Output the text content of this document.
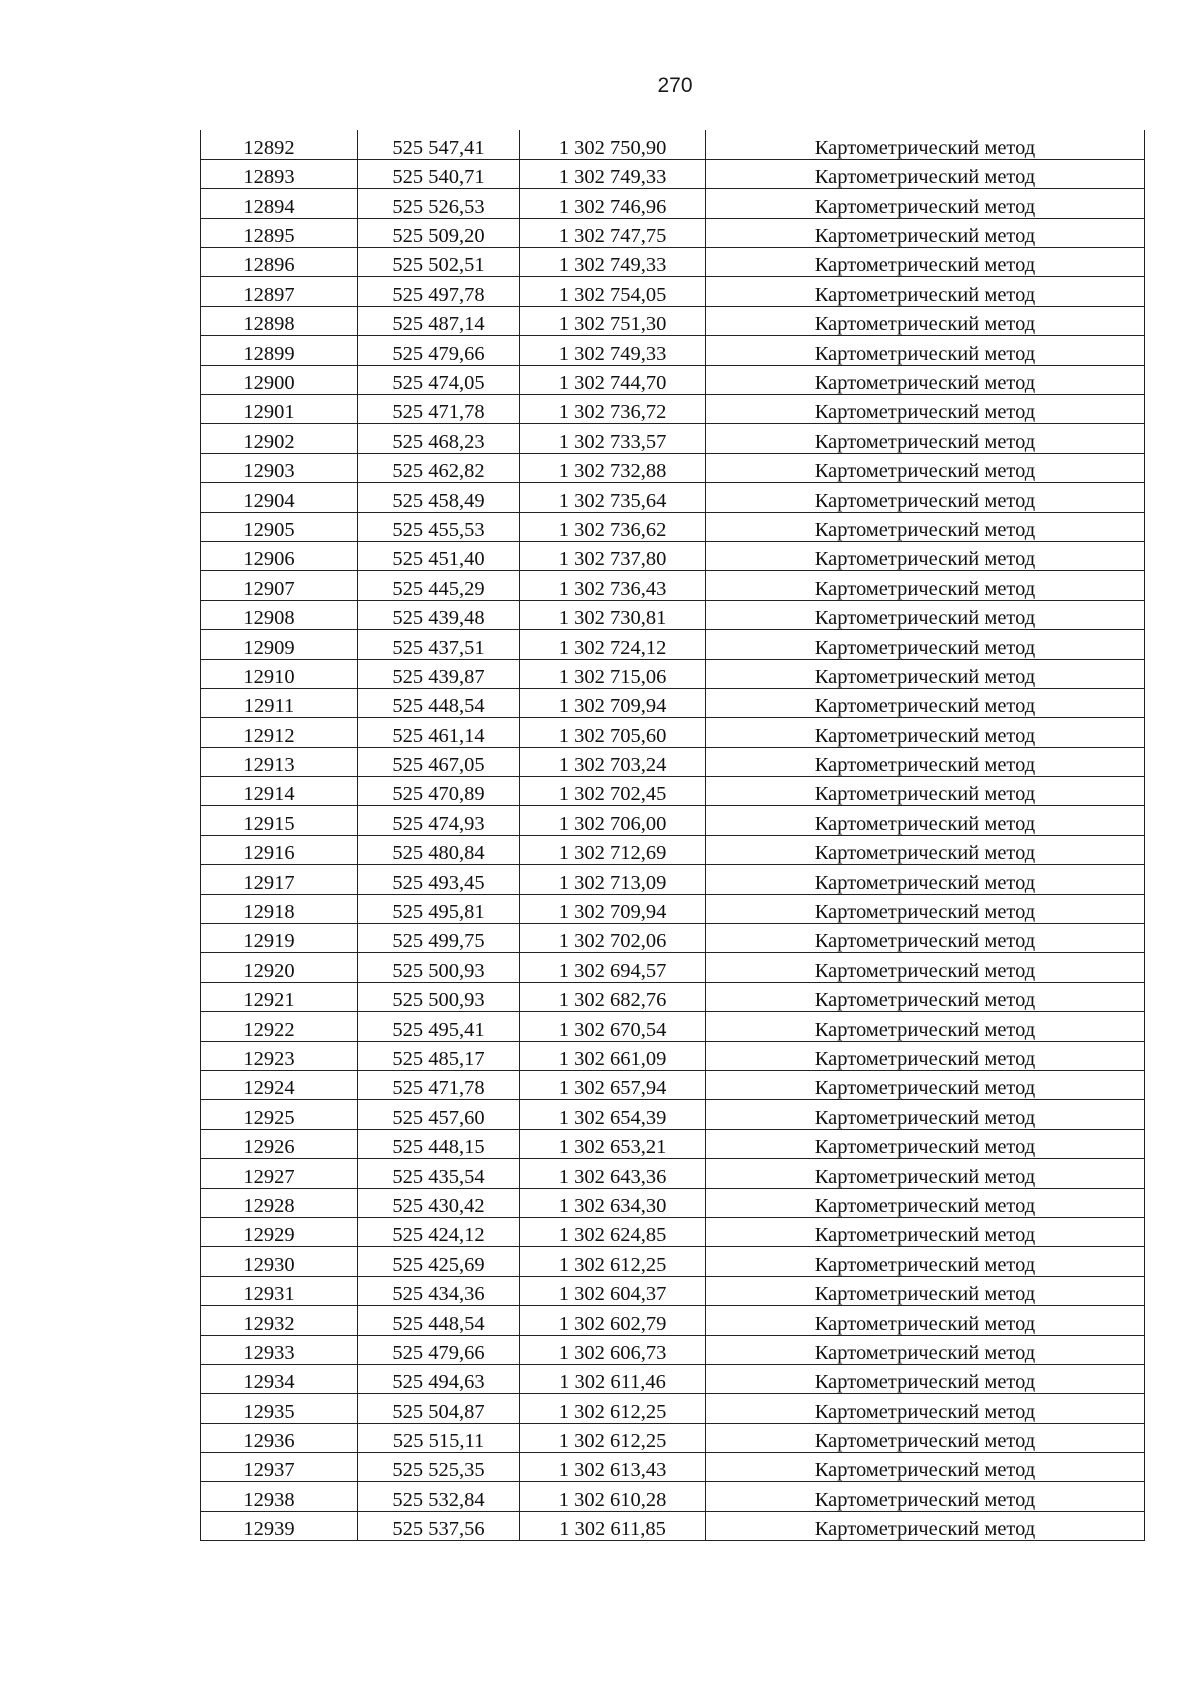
270
12892	525 547,41	1 302 750,90	Картометрический метод
12893	525 540,71	1 302 749,33	Картометрический метод
12894	525 526,53	1 302 746,96	Картометрический метод
12895	525 509,20	1 302 747,75	Картометрический метод
12896	525 502,51	1 302 749,33	Картометрический метод
12897	525 497,78	1 302 754,05	Картометрический метод
12898	525 487,14	1 302 751,30	Картометрический метод
12899	525 479,66	1 302 749,33	Картометрический метод
12900	525 474,05	1 302 744,70	Картометрический метод
12901	525 471,78	1 302 736,72	Картометрический метод
12902	525 468,23	1 302 733,57	Картометрический метод
12903	525 462,82	1 302 732,88	Картометрический метод
12904	525 458,49	1 302 735,64	Картометрический метод
12905	525 455,53	1 302 736,62	Картометрический метод
12906	525 451,40	1 302 737,80	Картометрический метод
12907	525 445,29	1 302 736,43	Картометрический метод
12908	525 439,48	1 302 730,81	Картометрический метод
12909	525 437,51	1 302 724,12	Картометрический метод
12910	525 439,87	1 302 715,06	Картометрический метод
12911	525 448,54	1 302 709,94	Картометрический метод
12912	525 461,14	1 302 705,60	Картометрический метод
12913	525 467,05	1 302 703,24	Картометрический метод
12914	525 470,89	1 302 702,45	Картометрический метод
12915	525 474,93	1 302 706,00	Картометрический метод
12916	525 480,84	1 302 712,69	Картометрический метод
12917	525 493,45	1 302 713,09	Картометрический метод
12918	525 495,81	1 302 709,94	Картометрический метод
12919	525 499,75	1 302 702,06	Картометрический метод
12920	525 500,93	1 302 694,57	Картометрический метод
12921	525 500,93	1 302 682,76	Картометрический метод
12922	525 495,41	1 302 670,54	Картометрический метод
12923	525 485,17	1 302 661,09	Картометрический метод
12924	525 471,78	1 302 657,94	Картометрический метод
12925	525 457,60	1 302 654,39	Картометрический метод
12926	525 448,15	1 302 653,21	Картометрический метод
12927	525 435,54	1 302 643,36	Картометрический метод
12928	525 430,42	1 302 634,30	Картометрический метод
12929	525 424,12	1 302 624,85	Картометрический метод
12930	525 425,69	1 302 612,25	Картометрический метод
12931	525 434,36	1 302 604,37	Картометрический метод
12932	525 448,54	1 302 602,79	Картометрический метод
12933	525 479,66	1 302 606,73	Картометрический метод
12934	525 494,63	1 302 611,46	Картометрический метод
12935	525 504,87	1 302 612,25	Картометрический метод
12936	525 515,11	1 302 612,25	Картометрический метод
12937	525 525,35	1 302 613,43	Картометрический метод
12938	525 532,84	1 302 610,28	Картометрический метод
12939	525 537,56	1 302 611,85	Картометрический метод
